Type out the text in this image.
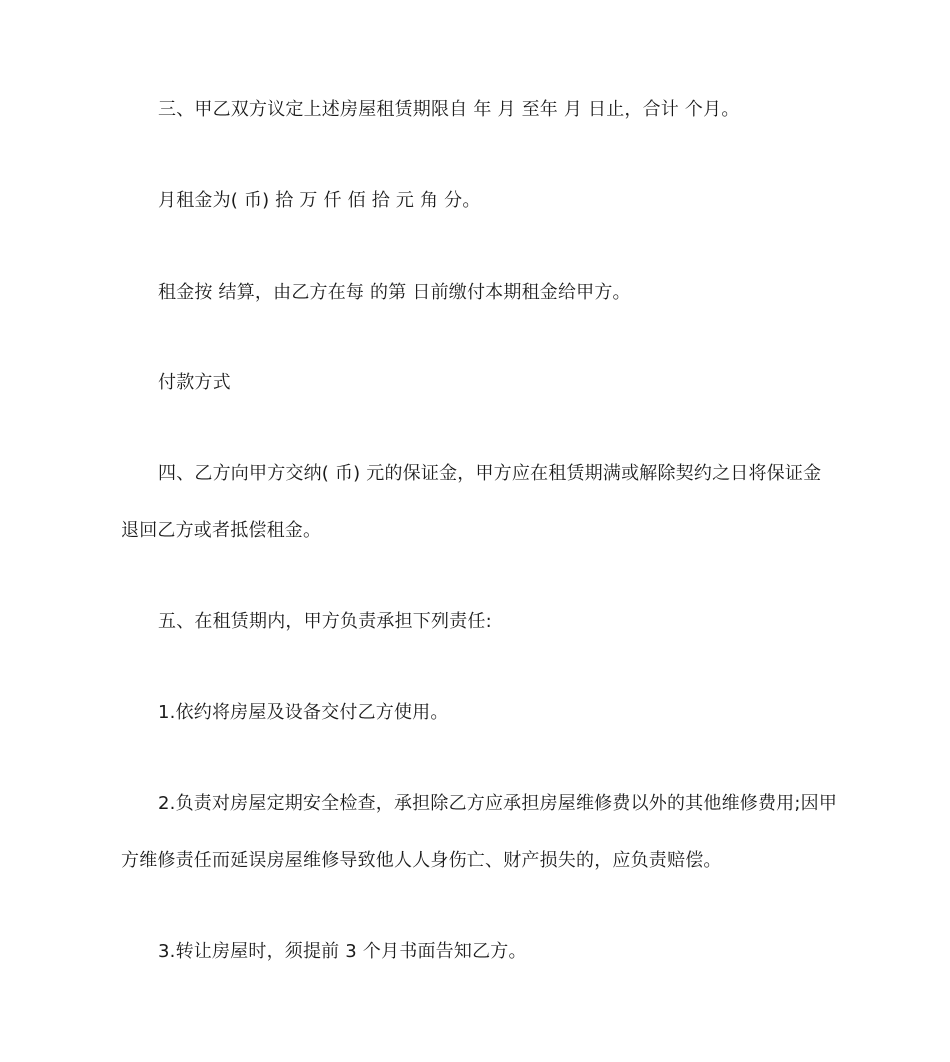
三、甲乙双方议定上述房屋租赁期限自 年 月 至年 月 日止，合计 个月。
月租金为( 币) 拾 万 仟 佰 拾 元 角 分。
租金按 结算，由乙方在每 的第 日前缴付本期租金给甲方。
付款方式
四、乙方向甲方交纳( 币) 元的保证金，甲方应在租赁期满或解除契约之日将保证金
退回乙方或者抵偿租金。
五、在租赁期内，甲方负责承担下列责任:
1.依约将房屋及设备交付乙方使用。
2.负责对房屋定期安全检查，承担除乙方应承担房屋维修费以外的其他维修费用;因甲
方维修责任而延误房屋维修导致他人人身伤亡、财产损失的，应负责赔偿。
3.转让房屋时，须提前 3 个月书面告知乙方。
